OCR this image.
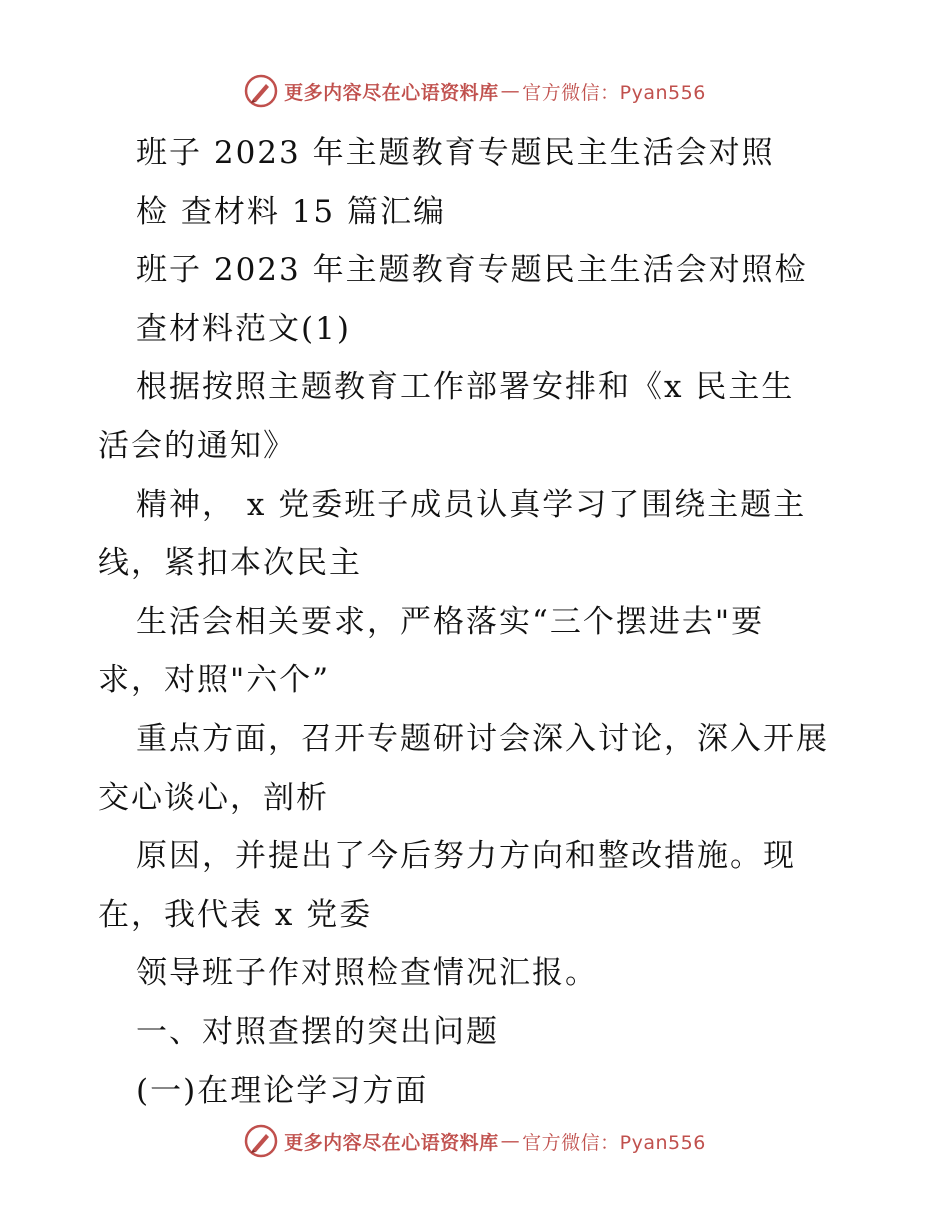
更多内容尽在心语资料库 — 官方微信：Pyan556
班子 2023 年主题教育专题民主生活会对照
检 查材料 15 篇汇编
班子 2023 年主题教育专题民主生活会对照检
查材料范文(1)
根据按照主题教育工作部署安排和《x 民主生
活会的通知》
精神， x 党委班子成员认真学习了围绕主题主
线，紧扣本次民主
生活会相关要求，严格落实“三个摆进去"要
求，对照"六个”
重点方面，召开专题研讨会深入讨论，深入开展
交心谈心，剖析
原因，并提出了今后努力方向和整改措施。现
在，我代表 x 党委
领导班子作对照检查情况汇报。
一、对照查摆的突出问题
(一)在理论学习方面
更多内容尽在心语资料库 — 官方微信：Pyan556
